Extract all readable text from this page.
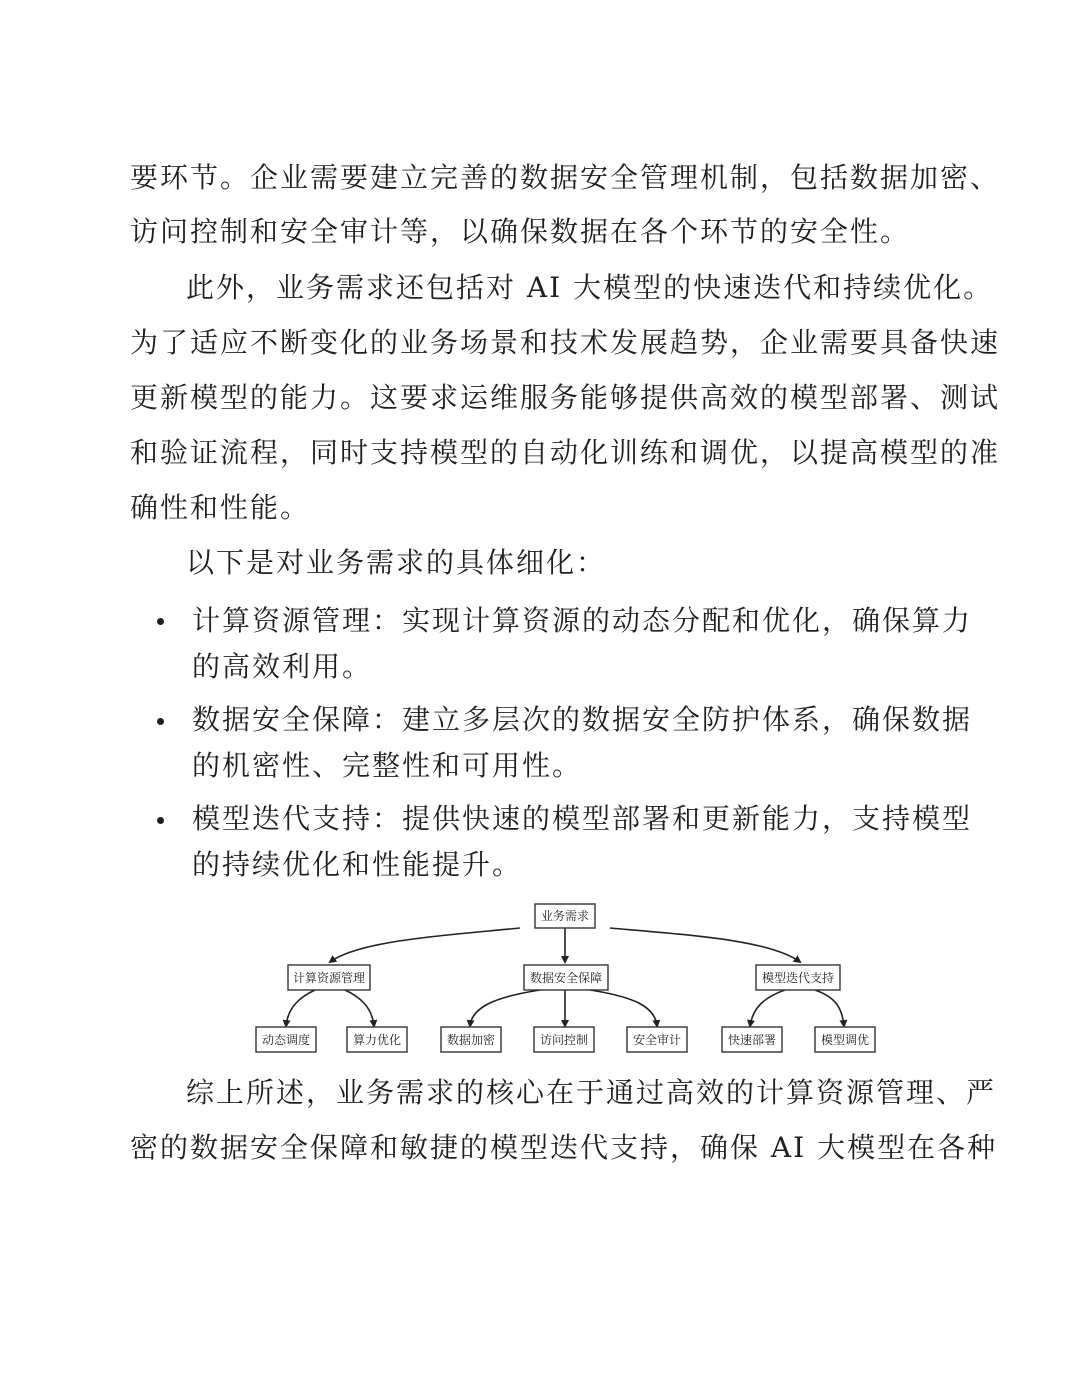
要环节。企业需要建立完善的数据安全管理机制，包括数据加密、
访问控制和安全审计等，以确保数据在各个环节的安全性。
此外，业务需求还包括对 AI 大模型的快速迭代和持续优化。
为了适应不断变化的业务场景和技术发展趋势，企业需要具备快速
更新模型的能力。这要求运维服务能够提供高效的模型部署、测试
和验证流程，同时支持模型的自动化训练和调优，以提高模型的准
确性和性能。
以下是对业务需求的具体细化：
计算资源管理：实现计算资源的动态分配和优化，确保算力
的高效利用。
数据安全保障：建立多层次的数据安全防护体系，确保数据
的机密性、完整性和可用性。
模型迭代支持：提供快速的模型部署和更新能力，支持模型
的持续优化和性能提升。
业务需求
计算资源管理	数据安全保障	模型迭代支持
动态调度	算力优化	数据加密	访问控制	安全审计	快速部署	模型调优
综上所述，业务需求的核心在于通过高效的计算资源管理、严
密的数据安全保障和敏捷的模型迭代支持，确保 AI 大模型在各种
